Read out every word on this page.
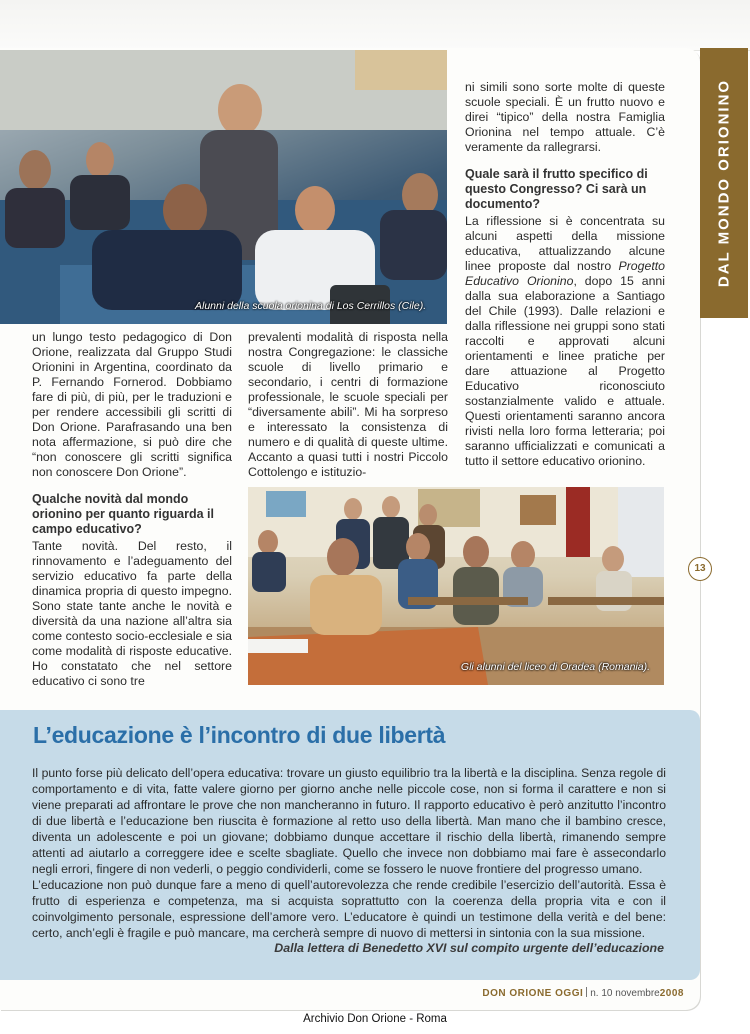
DAL MONDO ORIONINO
13
Alunni della scuola orionina di Los Cerrillos (Cile).
Gli alunni del liceo di Oradea (Romania).

un lungo testo pedagogico di Don Orione, realizzata dal Gruppo Studi Orionini in Argentina, coordinato da P. Fernando Fornerod. Dobbiamo fare di più, di più, per le traduzioni e per rendere accessibili gli scritti di Don Orione. Parafrasando una ben nota affermazione, si può dire che “non conoscere gli scritti significa non conoscere Don Orione”.

Qualche novità dal mondo orionino per quanto riguarda il campo educativo?

Tante novità. Del resto, il rinnovamento e l’adeguamento del servizio educativo fa parte della dinamica propria di questo impegno. Sono state tante anche le novità e diversità da una nazione all’altra sia come contesto socio-ecclesiale e sia come modalità di risposte educative. Ho constatato che nel settore educativo ci sono tre

prevalenti modalità di risposta nella nostra Congregazione: le classiche scuole di livello primario e secondario, i centri di formazione professionale, le scuole speciali per “diversamente abili”. Mi ha sorpreso e interessato la consistenza di numero e di qualità di queste ultime. Accanto a quasi tutti i nostri Piccolo Cottolengo e istituzio-

ni simili sono sorte molte di queste scuole speciali. È un frutto nuovo e direi “tipico” della nostra Famiglia Orionina nel tempo attuale. C’è veramente da rallegrarsi.

Quale sarà il frutto specifico di questo Congresso? Ci sarà un documento?

La riflessione si è concentrata su alcuni aspetti della missione educativa, attualizzando alcune linee proposte dal nostro Progetto Educativo Orionino, dopo 15 anni dalla sua elaborazione a Santiago del Chile (1993). Dalle relazioni e dalla riflessione nei gruppi sono stati raccolti e approvati alcuni orientamenti e linee pratiche per dare attuazione al Progetto Educativo riconosciuto sostanzialmente valido e attuale. Questi orientamenti saranno ancora rivisti nella loro forma letteraria; poi saranno ufficializzati e comunicati a tutto il settore educativo orionino.

L’educazione è l’incontro di due libertà

Il punto forse più delicato dell’opera educativa: trovare un giusto equilibrio tra la libertà e la disciplina. Senza regole di comportamento e di vita, fatte valere giorno per giorno anche nelle piccole cose, non si forma il carattere e non si viene preparati ad affrontare le prove che non mancheranno in futuro. Il rapporto educativo è però anzitutto l’incontro di due libertà e l’educazione ben riuscita è formazione al retto uso della libertà. Man mano che il bambino cresce, diventa un adolescente e poi un giovane; dobbiamo dunque accettare il rischio della libertà, rimanendo sempre attenti ad aiutarlo a correggere idee e scelte sbagliate. Quello che invece non dobbiamo mai fare è assecondarlo negli errori, fingere di non vederli, o peggio condividerli, come se fossero le nuove frontiere del progresso umano.

L’educazione non può dunque fare a meno di quell’autorevolezza che rende credibile l’esercizio dell’autorità. Essa è frutto di esperienza e competenza, ma si acquista soprattutto con la coerenza della propria vita e con il coinvolgimento personale, espressione dell’amore vero. L’educatore è quindi un testimone della verità e del bene: certo, anch’egli è fragile e può mancare, ma cercherà sempre di nuovo di mettersi in sintonia con la sua missione.

Dalla lettera di Benedetto XVI sul compito urgente dell’educazione
DON ORIONE OGGI n. 10 novembre2008
Archivio Don Orione - Roma
